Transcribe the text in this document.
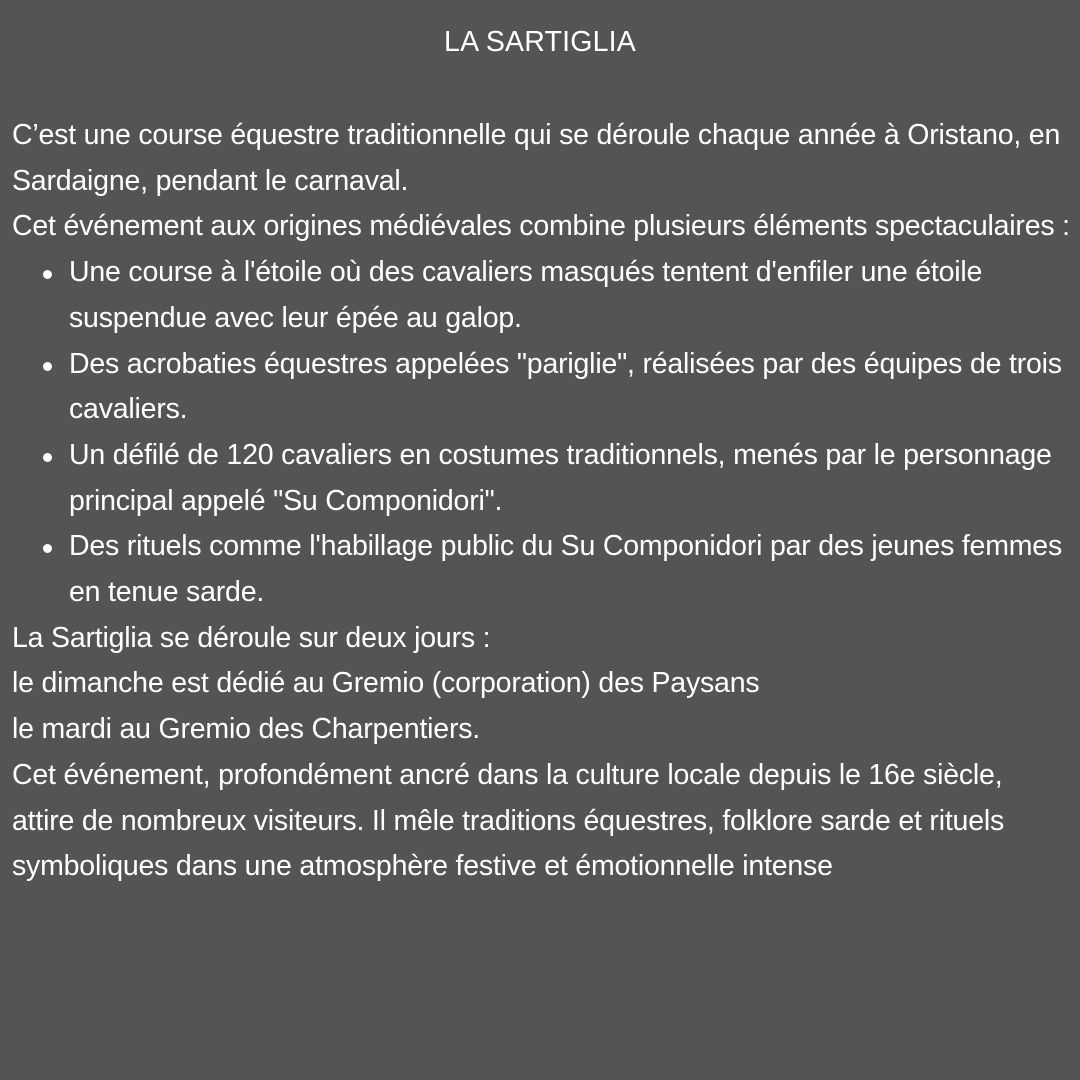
LA SARTIGLIA

C’est une course équestre traditionnelle qui se déroule chaque année à Oristano, en Sardaigne, pendant le carnaval.

Cet événement aux origines médiévales combine plusieurs éléments spectaculaires :

Une course à l'étoile où des cavaliers masqués tentent d'enfiler une étoile suspendue avec leur épée au galop.
Des acrobaties équestres appelées "pariglie", réalisées par des équipes de trois cavaliers.
Un défilé de 120 cavaliers en costumes traditionnels, menés par le personnage principal appelé "Su Componidori".
Des rituels comme l'habillage public du Su Componidori par des jeunes femmes en tenue sarde.

La Sartiglia se déroule sur deux jours :

le dimanche est dédié au Gremio (corporation) des Paysans

le mardi au Gremio des Charpentiers.

Cet événement, profondément ancré dans la culture locale depuis le 16e siècle, attire de nombreux visiteurs. Il mêle traditions équestres, folklore sarde et rituels symboliques dans une atmosphère festive et émotionnelle intense
